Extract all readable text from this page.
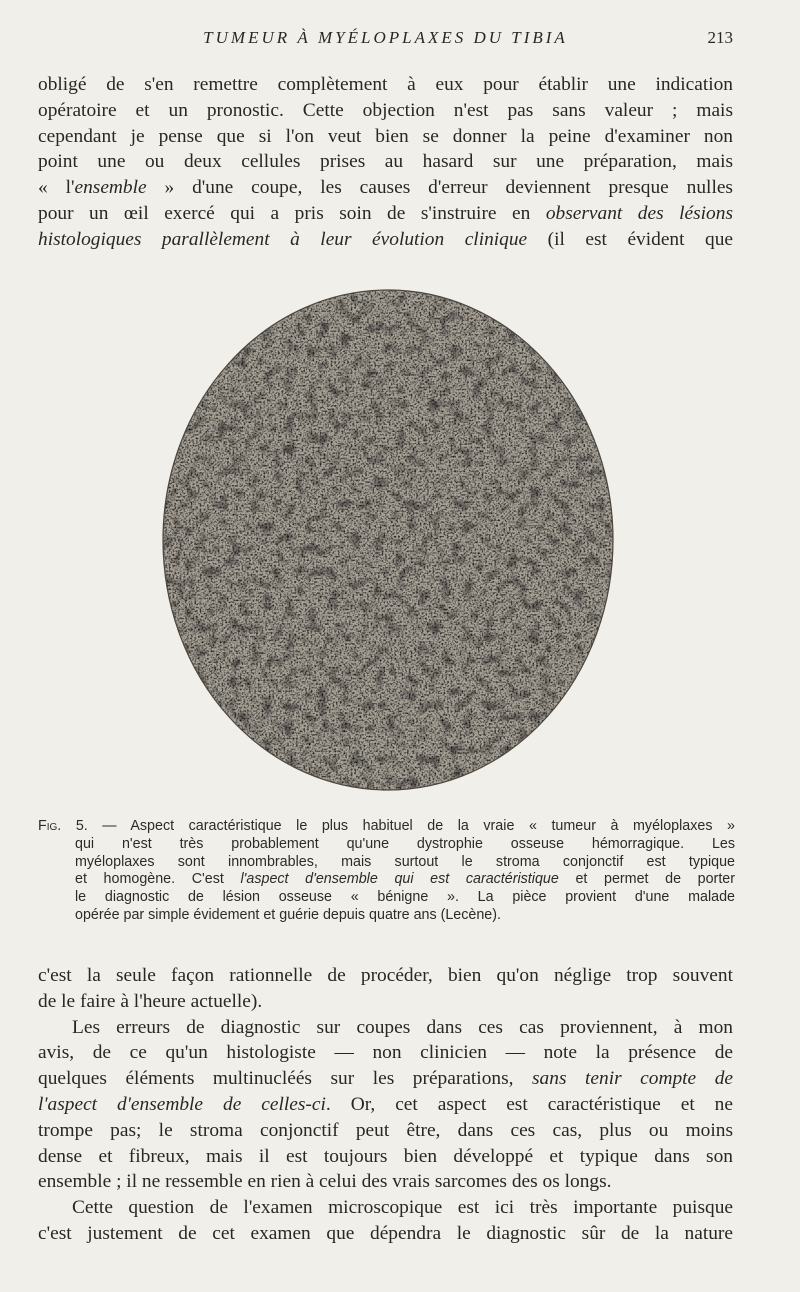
TUMEUR À MYÉLOPLAXES DU TIBIA	213
obligé de s'en remettre complètement à eux pour établir une indication
opératoire et un pronostic. Cette objection n'est pas sans valeur ; mais
cependant je pense que si l'on veut bien se donner la peine d'examiner non
point une ou deux cellules prises au hasard sur une préparation, mais
« l'ensemble » d'une coupe, les causes d'erreur deviennent presque nulles
pour un œil exercé qui a pris soin de s'instruire en observant des lésions
histologiques parallèlement à leur évolution clinique (il est évident que
Fig. 5. — Aspect caractéristique le plus habituel de la vraie « tumeur à myéloplaxes »
qui n'est très probablement qu'une dystrophie osseuse hémorragique. Les
myéloplaxes sont innombrables, mais surtout le stroma conjonctif est typique
et homogène. C'est l'aspect d'ensemble qui est caractéristique et permet de porter
le diagnostic de lésion osseuse « bénigne ». La pièce provient d'une malade
opérée par simple évidement et guérie depuis quatre ans (Lecène).
c'est la seule façon rationnelle de procéder, bien qu'on néglige trop souvent
de le faire à l'heure actuelle).
Les erreurs de diagnostic sur coupes dans ces cas proviennent, à mon
avis, de ce qu'un histologiste — non clinicien — note la présence de
quelques éléments multinucléés sur les préparations, sans tenir compte de
l'aspect d'ensemble de celles-ci. Or, cet aspect est caractéristique et ne
trompe pas; le stroma conjonctif peut être, dans ces cas, plus ou moins
dense et fibreux, mais il est toujours bien développé et typique dans son
ensemble ; il ne ressemble en rien à celui des vrais sarcomes des os longs.
Cette question de l'examen microscopique est ici très importante puisque
c'est justement de cet examen que dépendra le diagnostic sûr de la nature
